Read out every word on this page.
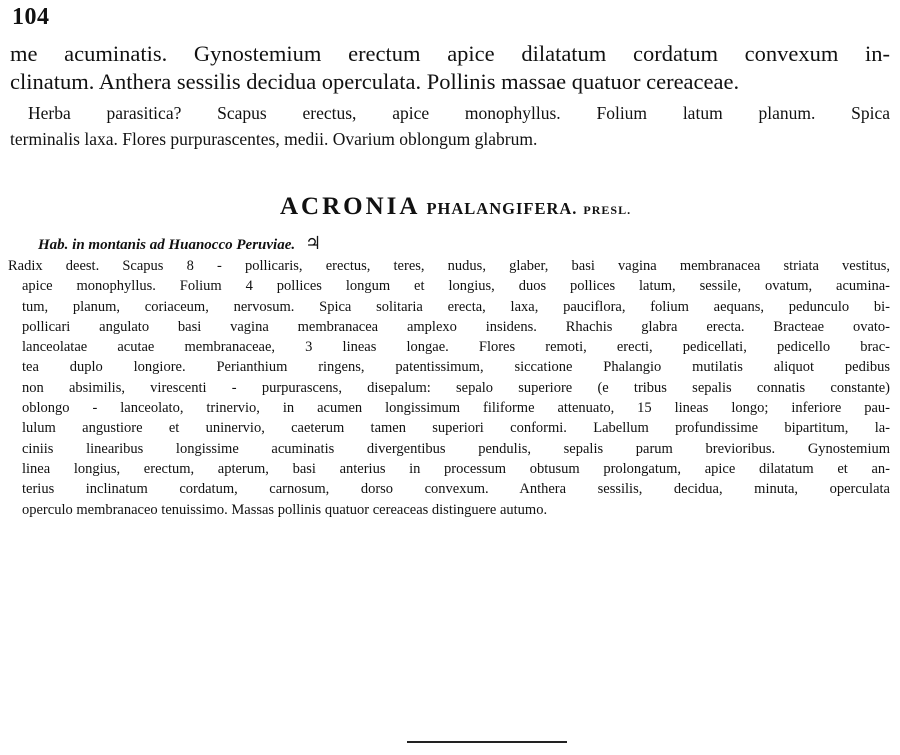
104
me acuminatis. Gynostemium erectum apice dilatatum cordatum convexum in-
clinatum. Anthera sessilis decidua operculata. Pollinis massae quatuor cereaceae.
Herba parasitica? Scapus erectus, apice monophyllus. Folium latum planum. Spica
terminalis laxa. Flores purpurascentes, medii. Ovarium oblongum glabrum.
ACRONIA PHALANGIFERA. PRESL.
Hab. in montanis ad Huanocco Peruviae. ♃
Radix deest. Scapus 8 - pollicaris, erectus, teres, nudus, glaber, basi vagina membranacea striata vestitus,
apice monophyllus. Folium 4 pollices longum et longius, duos pollices latum, sessile, ovatum, acumina-
tum, planum, coriaceum, nervosum. Spica solitaria erecta, laxa, pauciflora, folium aequans, pedunculo bi-
pollicari angulato basi vagina membranacea amplexo insidens. Rhachis glabra erecta. Bracteae ovato-
lanceolatae acutae membranaceae, 3 lineas longae. Flores remoti, erecti, pedicellati, pedicello brac-
tea duplo longiore. Perianthium ringens, patentissimum, siccatione Phalangio mutilatis aliquot pedibus
non absimilis, virescenti - purpurascens, disepalum: sepalo superiore (e tribus sepalis connatis constante)
oblongo - lanceolato, trinervio, in acumen longissimum filiforme attenuato, 15 lineas longo; inferiore pau-
lulum angustiore et uninervio, caeterum tamen superiori conformi. Labellum profundissime bipartitum, la-
ciniis linearibus longissime acuminatis divergentibus pendulis, sepalis parum brevioribus. Gynostemium
linea longius, erectum, apterum, basi anterius in processum obtusum prolongatum, apice dilatatum et an-
terius inclinatum cordatum, carnosum, dorso convexum. Anthera sessilis, decidua, minuta, operculata
operculo membranaceo tenuissimo. Massas pollinis quatuor cereaceas distinguere autumo.
